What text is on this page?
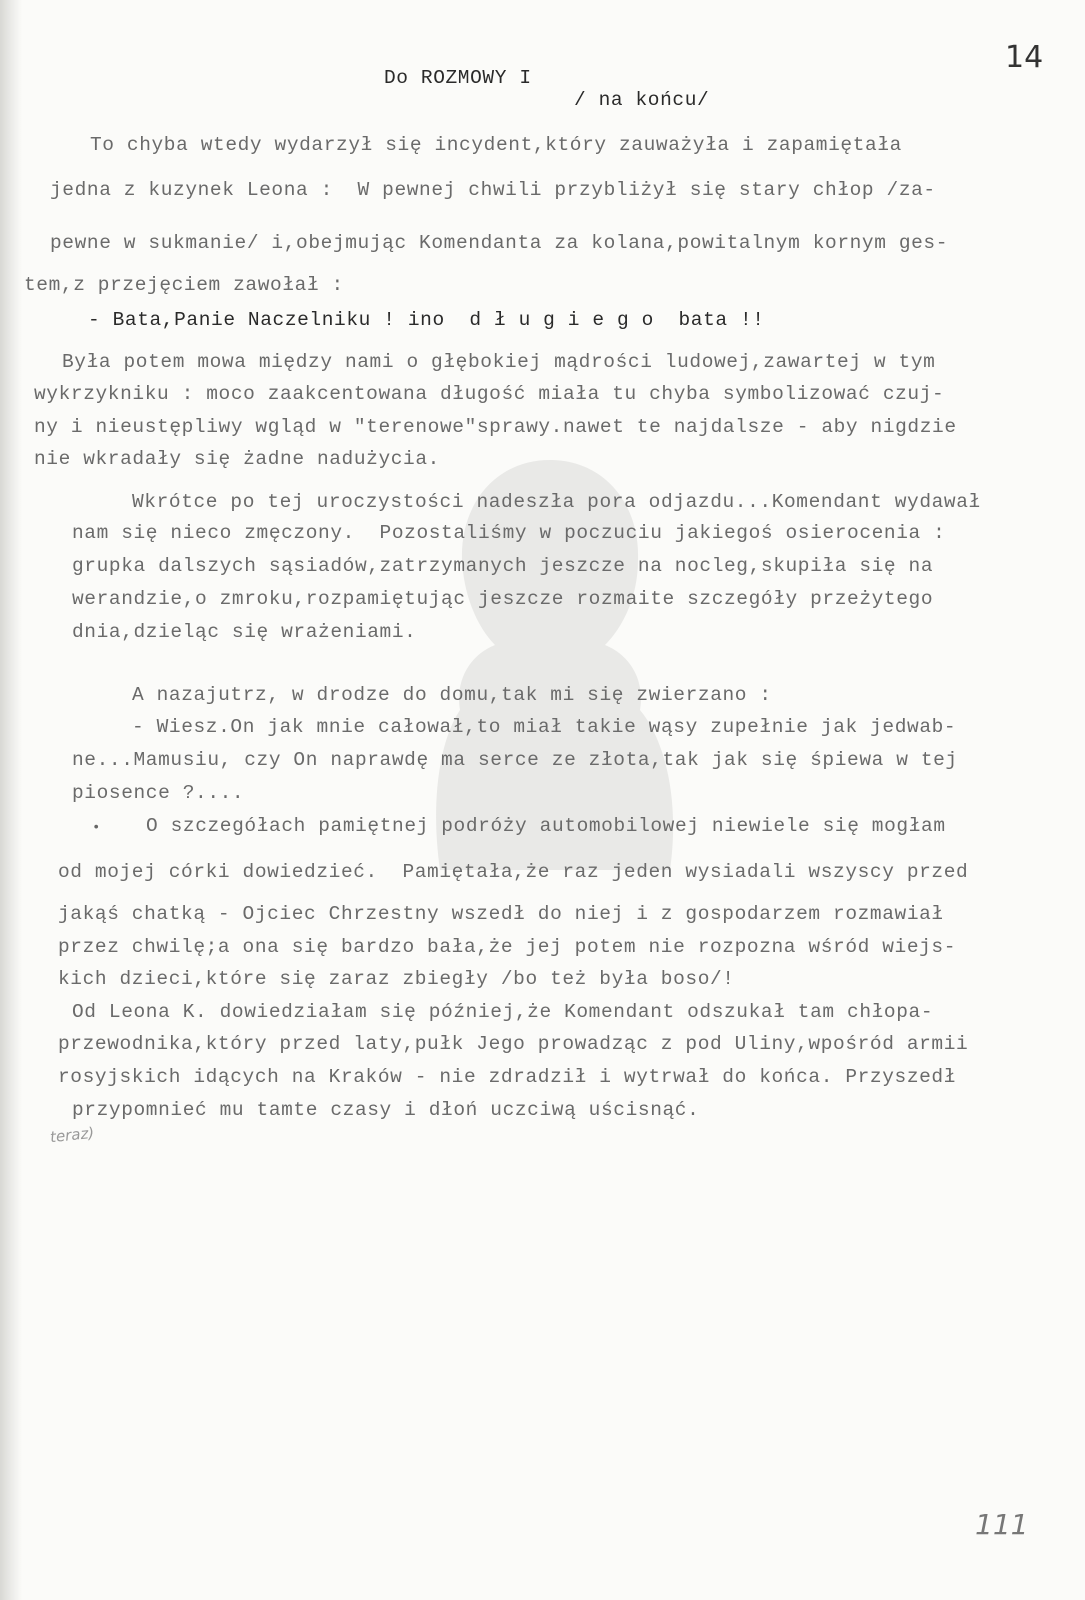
14
Do ROZMOWY I
/ na końcu/
To chyba wtedy wydarzył się incydent,który zauważyła i zapamiętała
jedna z kuzynek Leona :  W pewnej chwili przybliżył się stary chłop /za-
pewne w sukmanie/ i,obejmując Komendanta za kolana,powitalnym kornym ges-
tem,z przejęciem zawołał :
- Bata,Panie Naczelniku ! ino  d ł u g i e g o  bata !!
Była potem mowa między nami o głębokiej mądrości ludowej,zawartej w tym
wykrzykniku : moco zaakcentowana długość miała tu chyba symbolizować czuj-
ny i nieustępliwy wgląd w "terenowe"sprawy.nawet te najdalsze - aby nigdzie
nie wkradały się żadne nadużycia.
Wkrótce po tej uroczystości nadeszła pora odjazdu...Komendant wydawał
nam się nieco zmęczony.  Pozostaliśmy w poczuciu jakiegoś osierocenia :
grupka dalszych sąsiadów,zatrzymanych jeszcze na nocleg,skupiła się na
werandzie,o zmroku,rozpamiętując jeszcze rozmaite szczegóły przeżytego
dnia,dzieląc się wrażeniami.
A nazajutrz, w drodze do domu,tak mi się zwierzano :
- Wiesz.On jak mnie całował,to miał takie wąsy zupełnie jak jedwab-
ne...Mamusiu, czy On naprawdę ma serce ze złota,tak jak się śpiewa w tej
piosence ?....
• O szczegółach pamiętnej podróży automobilowej niewiele się mogłam
od mojej córki dowiedzieć.  Pamiętała,że raz jeden wysiadali wszyscy przed
jakąś chatką - Ojciec Chrzestny wszedł do niej i z gospodarzem rozmawiał
przez chwilę;a ona się bardzo bała,że jej potem nie rozpozna wśród wiejs-
kich dzieci,które się zaraz zbiegły /bo też była boso/!
Od Leona K. dowiedziałam się później,że Komendant odszukał tam chłopa-
przewodnika,który przed laty,pułk Jego prowadząc z pod Uliny,wpośród armii
rosyjskich idących na Kraków - nie zdradził i wytrwał do końca. Przyszedł
przypomnieć mu tamte czasy i dłoń uczciwą uścisnąć.
teraz)
111
